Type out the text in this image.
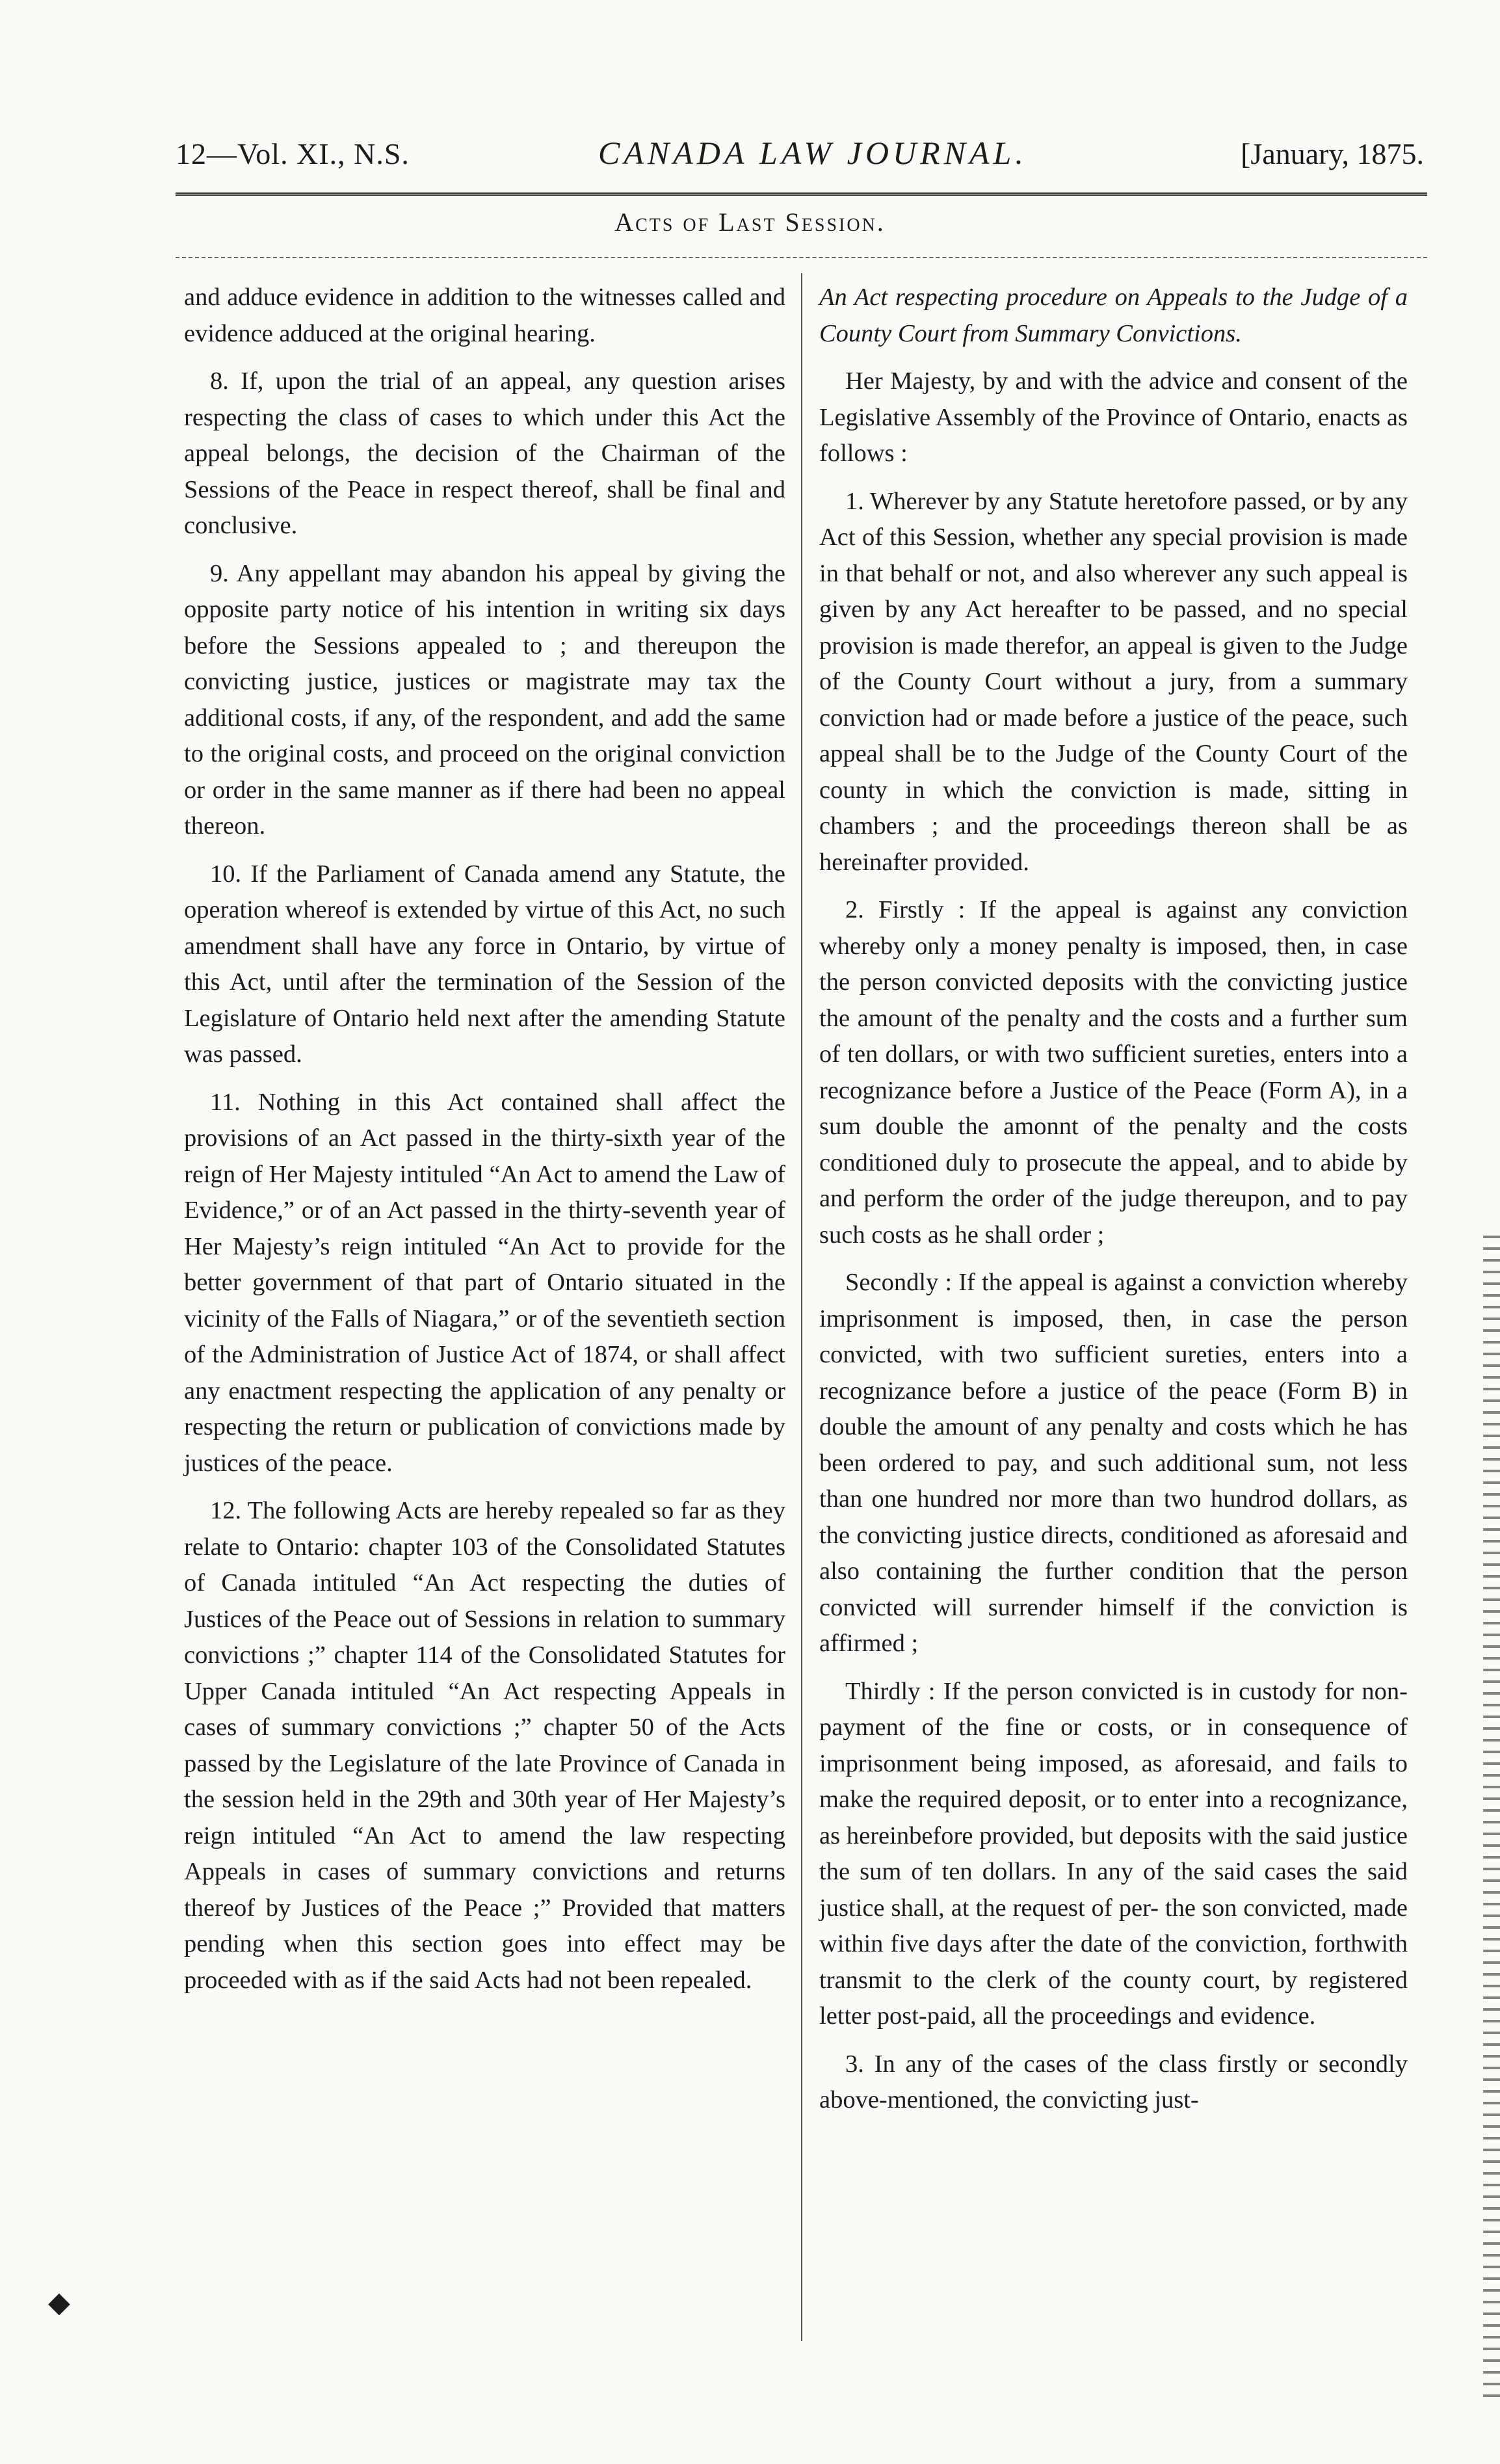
12—Vol. XI., N.S.	CANADA LAW JOURNAL.	[January, 1875.
Acts of Last Session.

and adduce evidence in addition to the witnesses called and evidence adduced at the original hearing.

8. If, upon the trial of an appeal, any question arises respecting the class of cases to which under this Act the appeal belongs, the decision of the Chairman of the Sessions of the Peace in respect thereof, shall be final and conclusive.

9. Any appellant may abandon his appeal by giving the opposite party notice of his intention in writing six days before the Sessions appealed to ; and thereupon the convicting justice, justices or magistrate may tax the additional costs, if any, of the respondent, and add the same to the original costs, and proceed on the original conviction or order in the same manner as if there had been no appeal thereon.

10. If the Parliament of Canada amend any Statute, the operation whereof is extended by virtue of this Act, no such amendment shall have any force in Ontario, by virtue of this Act, until after the termination of the Session of the Legislature of Ontario held next after the amending Statute was passed.

11. Nothing in this Act contained shall affect the provisions of an Act passed in the thirty-sixth year of the reign of Her Majesty intituled “An Act to amend the Law of Evidence,” or of an Act passed in the thirty-seventh year of Her Majesty’s reign intituled “An Act to provide for the better government of that part of Ontario situated in the vicinity of the Falls of Niagara,” or of the seventieth section of the Administration of Justice Act of 1874, or shall affect any enactment respecting the application of any penalty or respecting the return or publication of convictions made by justices of the peace.

12. The following Acts are hereby repealed so far as they relate to Ontario: chapter 103 of the Consolidated Statutes of Canada intituled “An Act respecting the duties of Justices of the Peace out of Sessions in relation to summary convictions ;” chapter 114 of the Consolidated Statutes for Upper Canada intituled “An Act respecting Appeals in cases of summary convictions ;” chapter 50 of the Acts passed by the Legislature of the late Province of Canada in the session held in the 29th and 30th year of Her Majesty’s reign intituled “An Act to amend the law respecting Appeals in cases of summary convictions and returns thereof by Justices of the Peace ;” Provided that matters pending when this section goes into effect may be proceeded with as if the said Acts had not been repealed.

An Act respecting procedure on Appeals to the Judge of a County Court from Summary Convictions.

Her Majesty, by and with the advice and consent of the Legislative Assembly of the Province of Ontario, enacts as follows :

1. Wherever by any Statute heretofore passed, or by any Act of this Session, whether any special provision is made in that behalf or not, and also wherever any such appeal is given by any Act hereafter to be passed, and no special provision is made therefor, an appeal is given to the Judge of the County Court without a jury, from a summary conviction had or made before a justice of the peace, such appeal shall be to the Judge of the County Court of the county in which the conviction is made, sitting in chambers ; and the proceedings thereon shall be as hereinafter provided.

2. Firstly : If the appeal is against any conviction whereby only a money penalty is imposed, then, in case the person convicted deposits with the convicting justice the amount of the penalty and the costs and a further sum of ten dollars, or with two sufficient sureties, enters into a recognizance before a Justice of the Peace (Form A), in a sum double the amonnt of the penalty and the costs conditioned duly to prosecute the appeal, and to abide by and perform the order of the judge thereupon, and to pay such costs as he shall order ;

Secondly : If the appeal is against a conviction whereby imprisonment is imposed, then, in case the person convicted, with two sufficient sureties, enters into a recognizance before a justice of the peace (Form B) in double the amount of any penalty and costs which he has been ordered to pay, and such additional sum, not less than one hundred nor more than two hundrod dollars, as the convicting justice directs, conditioned as aforesaid and also containing the further condition that the person convicted will surrender himself if the conviction is affirmed ;

Thirdly : If the person convicted is in custody for non-payment of the fine or costs, or in consequence of imprisonment being imposed, as aforesaid, and fails to make the required deposit, or to enter into a recognizance, as hereinbefore provided, but deposits with the said justice the sum of ten dollars. In any of the said cases the said justice shall, at the request of per- the son convicted, made within five days after the date of the conviction, forthwith transmit to the clerk of the county court, by registered letter post-paid, all the proceedings and evidence.

3. In any of the cases of the class firstly or secondly above-mentioned, the convicting just-

◆
